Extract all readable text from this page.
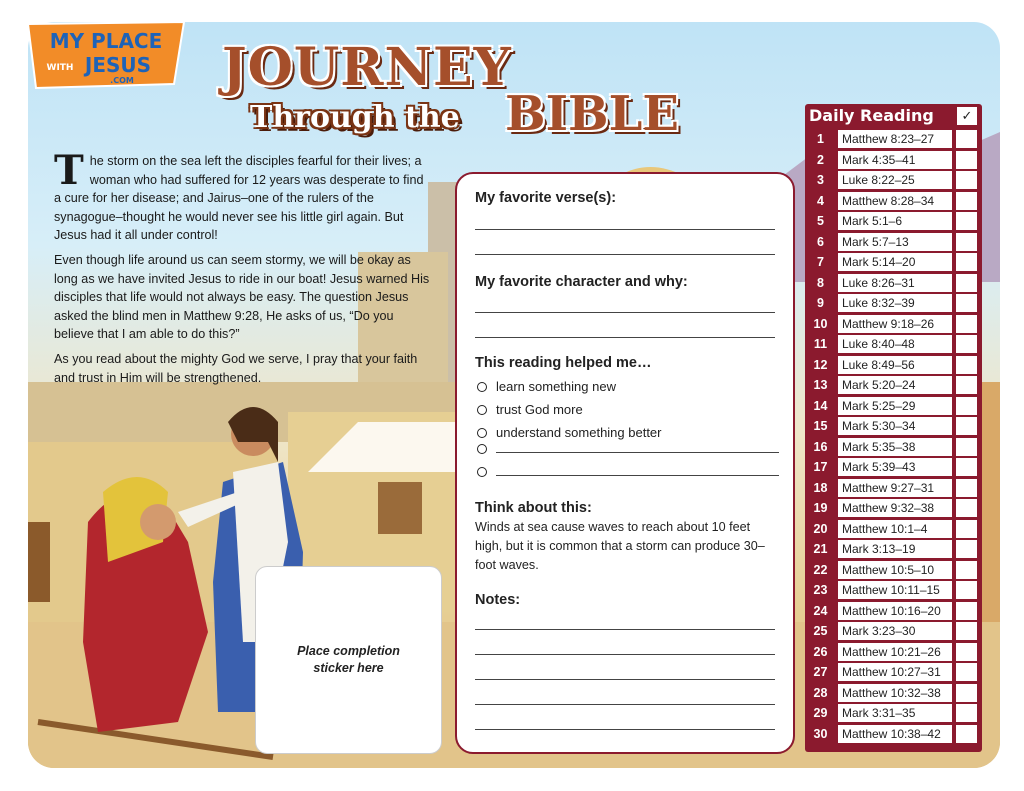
MY PLACE
WITH JESUS
.COM JOURNEY
Through the BIBLE

The storm on the sea left the disciples fearful for their lives; a woman who had suffered for 12 years was desperate to find a cure for her disease; and Jairus–one of the rulers of the synagogue–thought he would never see his little girl again. But Jesus had it all under control!

Even though life around us can seem stormy, we will be okay as long as we have invited Jesus to ride in our boat! Jesus warned His disciples that life would not always be easy. The question Jesus asked the blind men in Matthew 9:28, He asks of us, “Do you believe that I am able to do this?”

As you read about the mighty God we serve, I pray that your faith and trust in Him will be strengthened.

Place completion
sticker here

My favorite verse(s):

My favorite character and why:

This reading helped me…

learn something new
trust God more
understand something better

Think about this:

Winds at sea cause waves to reach about 10 feet high, but it is common that a storm can produce 30–foot waves.

Notes:

Daily Reading	✓
1	Matthew 8:23–27
2	Mark 4:35–41
3	Luke 8:22–25
4	Matthew 8:28–34
5	Mark 5:1–6
6	Mark 5:7–13
7	Mark 5:14–20
8	Luke 8:26–31
9	Luke 8:32–39
10	Matthew 9:18–26
11	Luke 8:40–48
12	Luke 8:49–56
13	Mark 5:20–24
14	Mark 5:25–29
15	Mark 5:30–34
16	Mark 5:35–38
17	Mark 5:39–43
18	Matthew 9:27–31
19	Matthew 9:32–38
20	Matthew 10:1–4
21	Mark 3:13–19
22	Matthew 10:5–10
23	Matthew 10:11–15
24	Matthew 10:16–20
25	Mark 3:23–30
26	Matthew 10:21–26
27	Matthew 10:27–31
28	Matthew 10:32–38
29	Mark 3:31–35
30	Matthew 10:38–42
